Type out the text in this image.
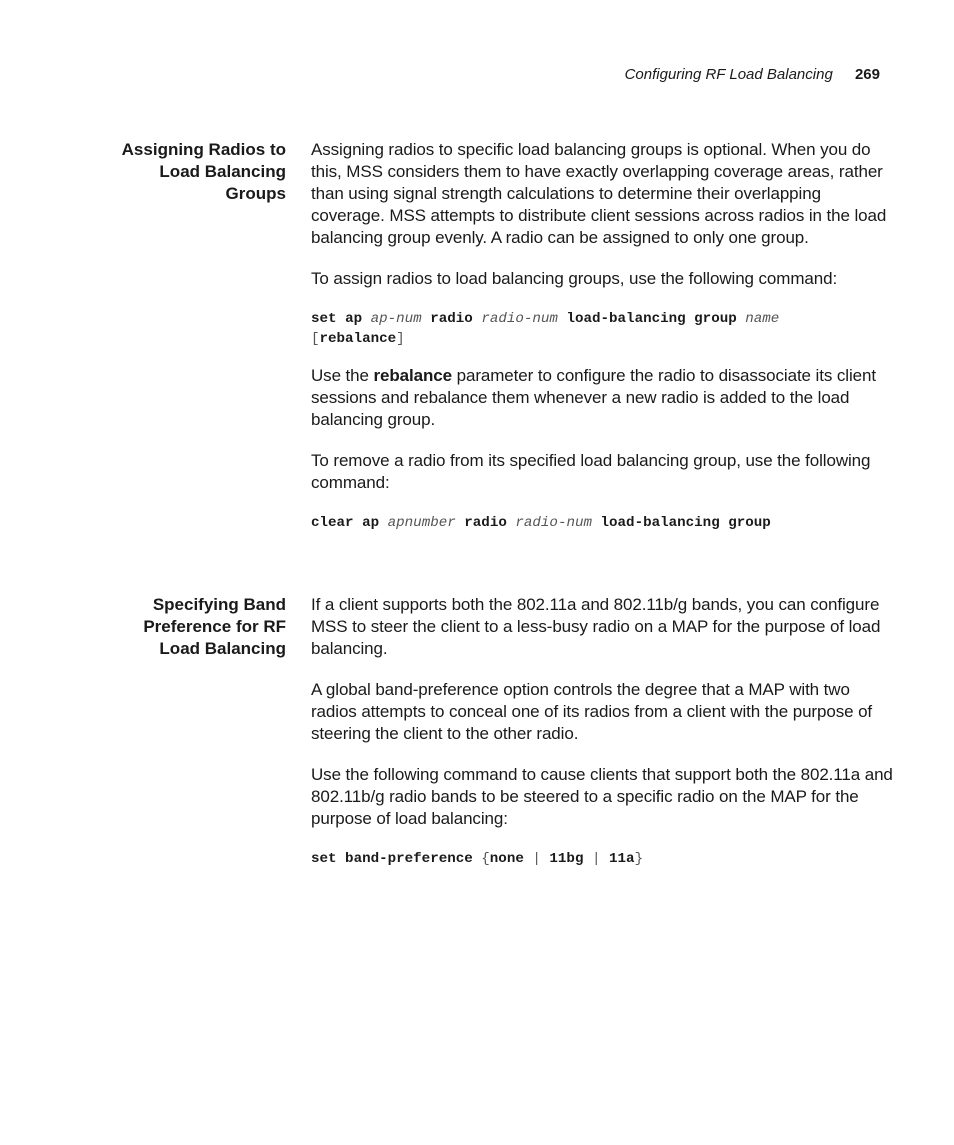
Configuring RF Load Balancing 269
Assigning Radios to
Load Balancing
Groups

Assigning radios to specific load balancing groups is optional. When you do this, MSS considers them to have exactly overlapping coverage areas, rather than using signal strength calculations to determine their overlapping coverage. MSS attempts to distribute client sessions across radios in the load balancing group evenly. A radio can be assigned to only one group.

To assign radios to load balancing groups, use the following command:

set ap ap-num radio radio-num load-balancing group name
[rebalance]

Use the rebalance parameter to configure the radio to disassociate its client sessions and rebalance them whenever a new radio is added to the load balancing group.

To remove a radio from its specified load balancing group, use the following command:

clear ap apnumber radio radio-num load-balancing group
Specifying Band
Preference for RF
Load Balancing

If a client supports both the 802.11a and 802.11b/g bands, you can configure MSS to steer the client to a less-busy radio on a MAP for the purpose of load balancing.

A global band-preference option controls the degree that a MAP with two radios attempts to conceal one of its radios from a client with the purpose of steering the client to the other radio.

Use the following command to cause clients that support both the 802.11a and 802.11b/g radio bands to be steered to a specific radio on the MAP for the purpose of load balancing:

set band-preference {none | 11bg | 11a}
